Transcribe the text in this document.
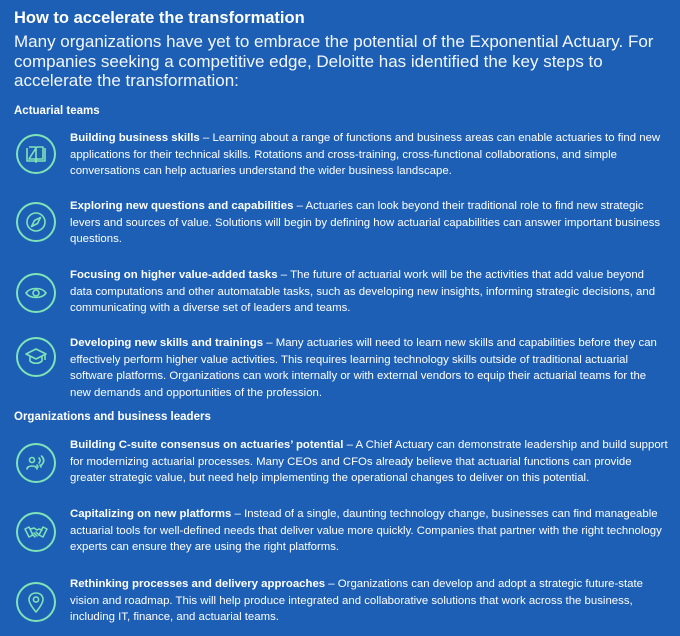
How to accelerate the transformation
Many organizations have yet to embrace the potential of the Exponential Actuary. For companies seeking a competitive edge, Deloitte has identified the key steps to accelerate the transformation:
Actuarial teams
Building business skills – Learning about a range of functions and business areas can enable actuaries to find new applications for their technical skills. Rotations and cross-training, cross-functional collaborations, and simple conversations can help actuaries understand the wider business landscape.
Exploring new questions and capabilities – Actuaries can look beyond their traditional role to find new strategic levers and sources of value. Solutions will begin by defining how actuarial capabilities can answer important business questions.
Focusing on higher value-added tasks – The future of actuarial work will be the activities that add value beyond data computations and other automatable tasks, such as developing new insights, informing strategic decisions, and communicating with a diverse set of leaders and teams.
Developing new skills and trainings – Many actuaries will need to learn new skills and capabilities before they can effectively perform higher value activities. This requires learning technology skills outside of traditional actuarial software platforms. Organizations can work internally or with external vendors to equip their actuarial teams for the new demands and opportunities of the profession.
Organizations and business leaders
Building C-suite consensus on actuaries’ potential – A Chief Actuary can demonstrate leadership and build support for modernizing actuarial processes. Many CEOs and CFOs already believe that actuarial functions can provide greater strategic value, but need help implementing the operational changes to deliver on this potential.
Capitalizing on new platforms – Instead of a single, daunting technology change, businesses can find manageable actuarial tools for well-defined needs that deliver value more quickly. Companies that partner with the right technology experts can ensure they are using the right platforms.
Rethinking processes and delivery approaches – Organizations can develop and adopt a strategic future-state vision and roadmap. This will help produce integrated and collaborative solutions that work across the business, including IT, finance, and actuarial teams.
